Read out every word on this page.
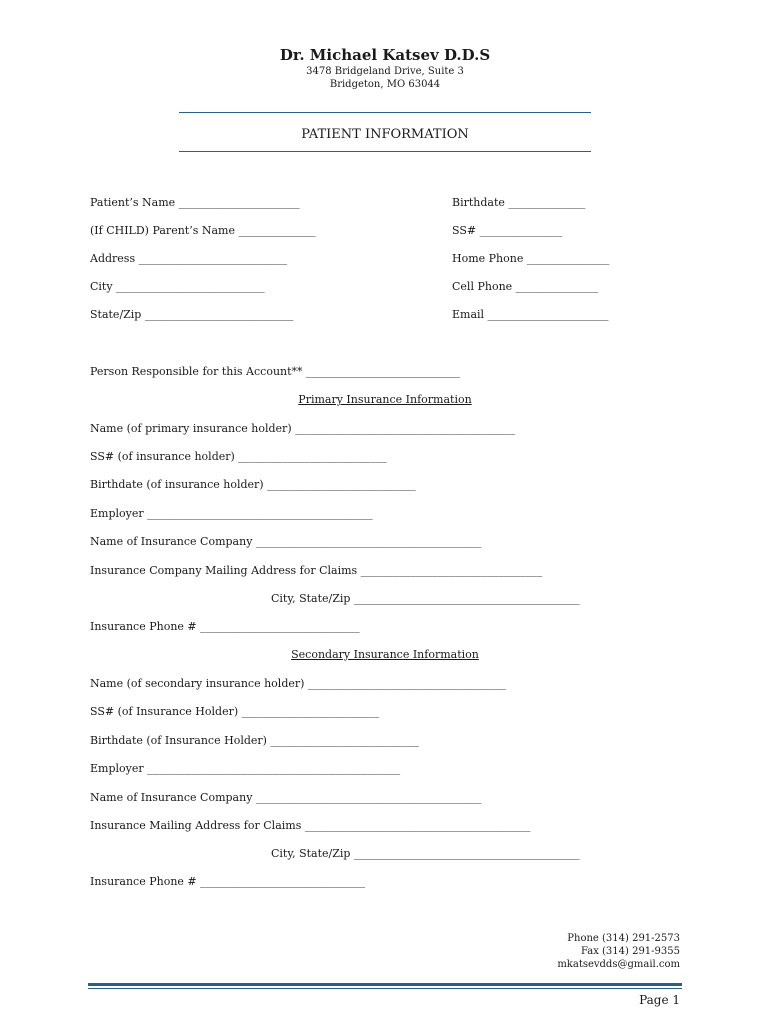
Dr. Michael Katsev D.D.S
3478 Bridgeland Drive, Suite 3
Bridgeton, MO 63044
PATIENT INFORMATION
Patient’s Name ______________________	Birthdate ______________
(If CHILD) Parent’s Name ______________	SS# _______________
Address ___________________________	Home Phone _______________
City ___________________________	Cell Phone _______________
State/Zip ___________________________	Email ______________________
Person Responsible for this Account** ____________________________
Primary Insurance Information
Name (of primary insurance holder) ________________________________________
SS# (of insurance holder) ___________________________
Birthdate (of insurance holder) ___________________________
Employer _________________________________________
Name of Insurance Company _________________________________________
Insurance Company Mailing Address for Claims _________________________________
City, State/Zip _________________________________________
Insurance Phone # _____________________________
Secondary Insurance Information
Name (of secondary insurance holder) ____________________________________
SS# (of Insurance Holder) _________________________
Birthdate (of Insurance Holder) ___________________________
Employer ______________________________________________
Name of Insurance Company _________________________________________
Insurance Mailing Address for Claims _________________________________________
City, State/Zip _________________________________________
Insurance Phone # ______________________________
Phone (314) 291-2573
Fax (314) 291-9355
mkatsevdds@gmail.com
Page 1
